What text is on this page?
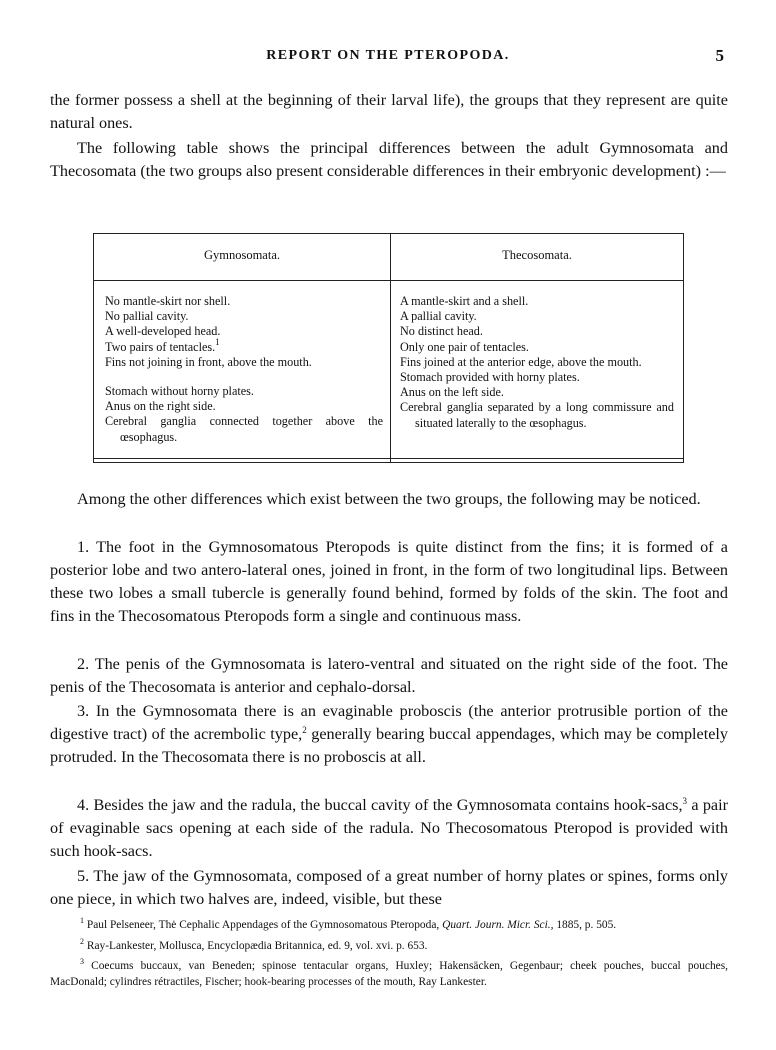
REPORT ON THE PTEROPODA.	5

the former possess a shell at the beginning of their larval life), the groups that they represent are quite natural ones.

The following table shows the principal differences between the adult Gymnosomata and Thecosomata (the two groups also present considerable differences in their embryonic development) :—

Gymnosomata.	Thecosomata.
No mantle-skirt nor shell.
No pallial cavity.
A well-developed head.
Two pairs of tentacles.$^1$
Fins not joining in front, above the mouth.
Stomach without horny plates.
Anus on the right side.
Cerebral ganglia connected together above the œsophagus.
A mantle-skirt and a shell.
A pallial cavity.
No distinct head.
Only one pair of tentacles.
Fins joined at the anterior edge, above the mouth.
Stomach provided with horny plates.
Anus on the left side.
Cerebral ganglia separated by a long commissure and situated laterally to the œsophagus.

Among the other differences which exist between the two groups, the following may be noticed.

1. The foot in the Gymnosomatous Pteropods is quite distinct from the fins; it is formed of a posterior lobe and two antero-lateral ones, joined in front, in the form of two longitudinal lips. Between these two lobes a small tubercle is generally found behind, formed by folds of the skin. The foot and fins in the Thecosomatous Pteropods form a single and continuous mass.

2. The penis of the Gymnosomata is latero-ventral and situated on the right side of the foot. The penis of the Thecosomata is anterior and cephalo-dorsal.

3. In the Gymnosomata there is an evaginable proboscis (the anterior protrusible portion of the digestive tract) of the acrembolic type,$^2$ generally bearing buccal appendages, which may be completely protruded. In the Thecosomata there is no proboscis at all.

4. Besides the jaw and the radula, the buccal cavity of the Gymnosomata contains hook-sacs,$^3$ a pair of evaginable sacs opening at each side of the radula. No Thecosomatous Pteropod is provided with such hook-sacs.

5. The jaw of the Gymnosomata, composed of a great number of horny plates or spines, forms only one piece, in which two halves are, indeed, visible, but these

$^1$ Paul Pelseneer, Thė Cephalic Appendages of the Gymnosomatous Pteropoda, Quart. Journ. Micr. Sci., 1885, p. 505.
$^2$ Ray-Lankester, Mollusca, Encyclopædia Britannica, ed. 9, vol. xvi. p. 653.
$^3$ Coecums buccaux, van Beneden; spinose tentacular organs, Huxley; Hakensäcken, Gegenbaur; cheek pouches, buccal pouches, MacDonald; cylindres rétractiles, Fischer; hook-bearing processes of the mouth, Ray Lankester.
